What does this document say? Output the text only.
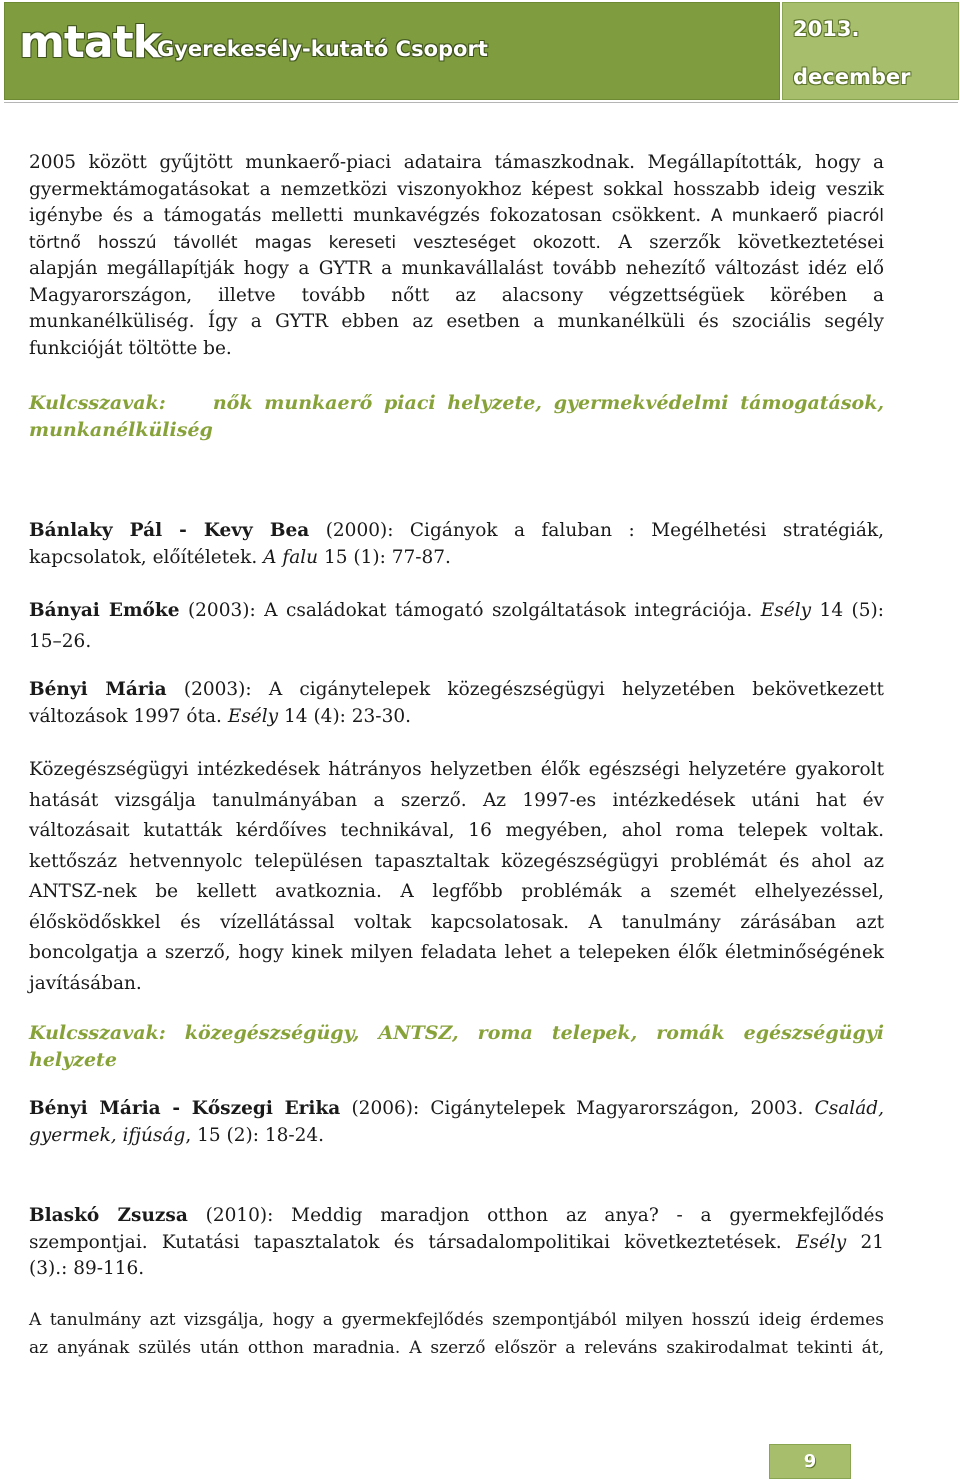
mtatk
Gyerekesély-kutató Csoport
2013.
december
2005 között gyűjtött munkaerő-piaci adataira támaszkodnak. Megállapították, hogy a
gyermektámogatásokat a nemzetközi viszonyokhoz képest sokkal hosszabb ideig veszik
igénybe és a támogatás melletti munkavégzés fokozatosan csökkent. A munkaerő piacról
törtnő hosszú távollét magas kereseti veszteséget okozott. A szerzők következtetései
alapján megállapítják hogy a GYTR a munkavállalást tovább nehezítő változást idéz elő
Magyarországon, illetve tovább nőtt az alacsony végzettségüek körében a
munkanélküliség. Így a GYTR ebben az esetben a munkanélküli és szociális segély
funkcióját töltötte be.
Kulcsszavak: nők munkaerő piaci helyzete, gyermekvédelmi támogatások,
munkanélküliség
Bánlaky Pál - Kevy Bea (2000): Cigányok a faluban : Megélhetési stratégiák,
kapcsolatok, előítéletek. A falu 15 (1): 77-87.
Bányai Emőke (2003): A családokat támogató szolgáltatások integrációja. Esély 14 (5):
15–26.
Bényi Mária (2003): A cigánytelepek közegészségügyi helyzetében bekövetkezett
változások 1997 óta. Esély 14 (4): 23-30.
Közegészségügyi intézkedések hátrányos helyzetben élők egészségi helyzetére gyakorolt
hatását vizsgálja tanulmányában a szerző. Az 1997-es intézkedések utáni hat év
változásait kutatták kérdőíves technikával, 16 megyében, ahol roma telepek voltak.
kettőszáz hetvennyolc településen tapasztaltak közegészségügyi problémát és ahol az
ANTSZ-nek be kellett avatkoznia. A legfőbb problémák a szemét elhelyezéssel,
élősködőskkel és vízellátással voltak kapcsolatosak. A tanulmány zárásában azt
boncolgatja a szerző, hogy kinek milyen feladata lehet a telepeken élők életminőségének
javításában.
Kulcsszavak: közegészségügy, ANTSZ, roma telepek, romák egészségügyi helyzete
Bényi Mária - Kőszegi Erika (2006): Cigánytelepek Magyarországon, 2003. Család,
gyermek, ifjúság, 15 (2): 18-24.
Blaskó Zsuzsa (2010): Meddig maradjon otthon az anya? - a gyermekfejlődés
szempontjai. Kutatási tapasztalatok és társadalompolitikai következtetések. Esély 21
(3).: 89-116.
A tanulmány azt vizsgálja, hogy a gyermekfejlődés szempontjából milyen hosszú ideig érdemes
az anyának szülés után otthon maradnia. A szerző először a releváns szakirodalmat tekinti át,
9
